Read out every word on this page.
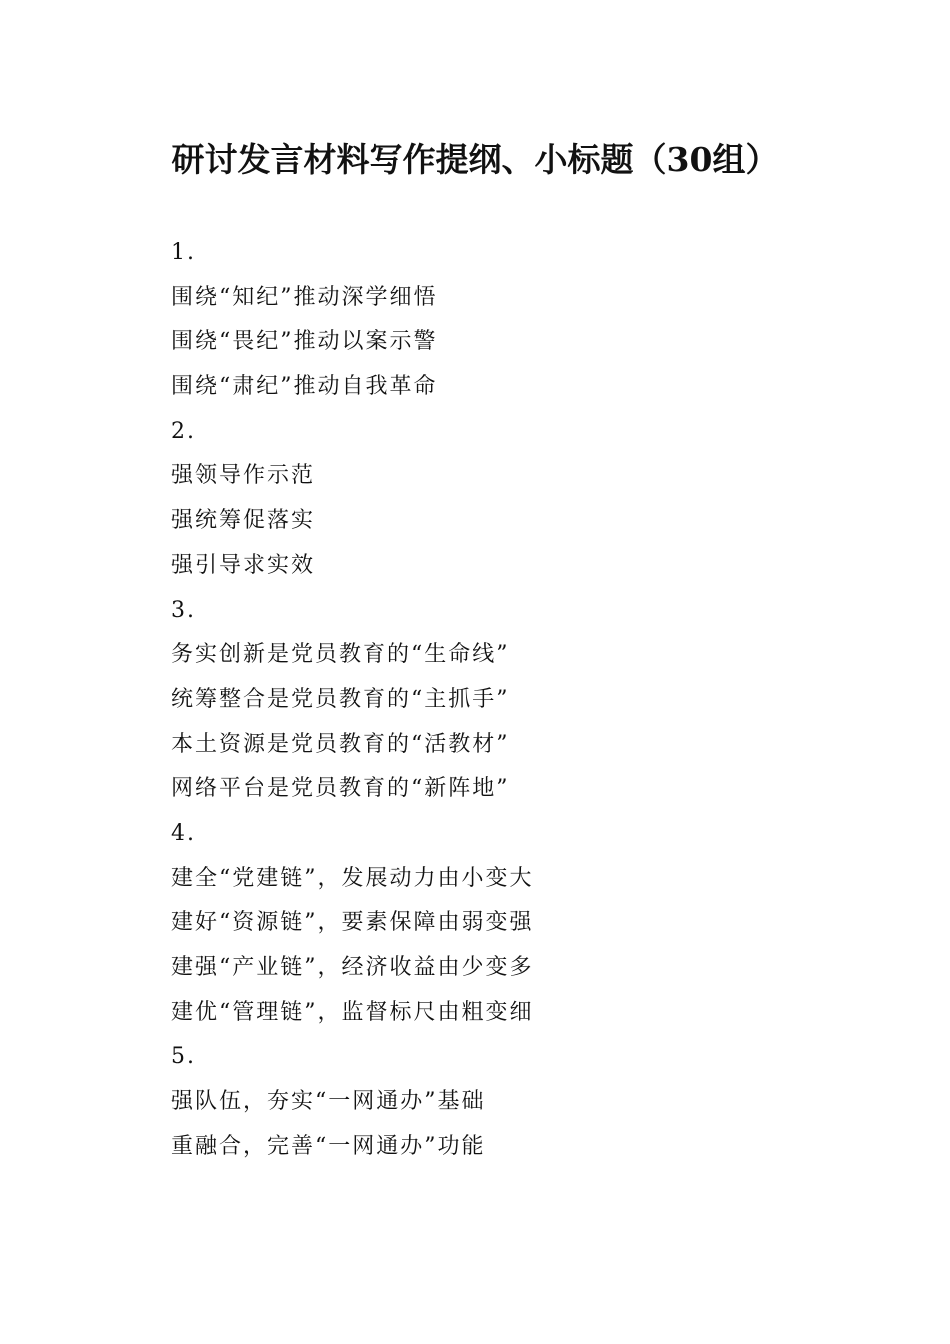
研讨发言材料写作提纲、小标题（30组）
1.
围绕“知纪”推动深学细悟
围绕“畏纪”推动以案示警
围绕“肃纪”推动自我革命
2.
强领导作示范
强统筹促落实
强引导求实效
3.
务实创新是党员教育的“生命线”
统筹整合是党员教育的“主抓手”
本土资源是党员教育的“活教材”
网络平台是党员教育的“新阵地”
4.
建全“党建链”，发展动力由小变大
建好“资源链”，要素保障由弱变强
建强“产业链”，经济收益由少变多
建优“管理链”，监督标尺由粗变细
5.
强队伍，夯实“一网通办”基础
重融合，完善“一网通办”功能
